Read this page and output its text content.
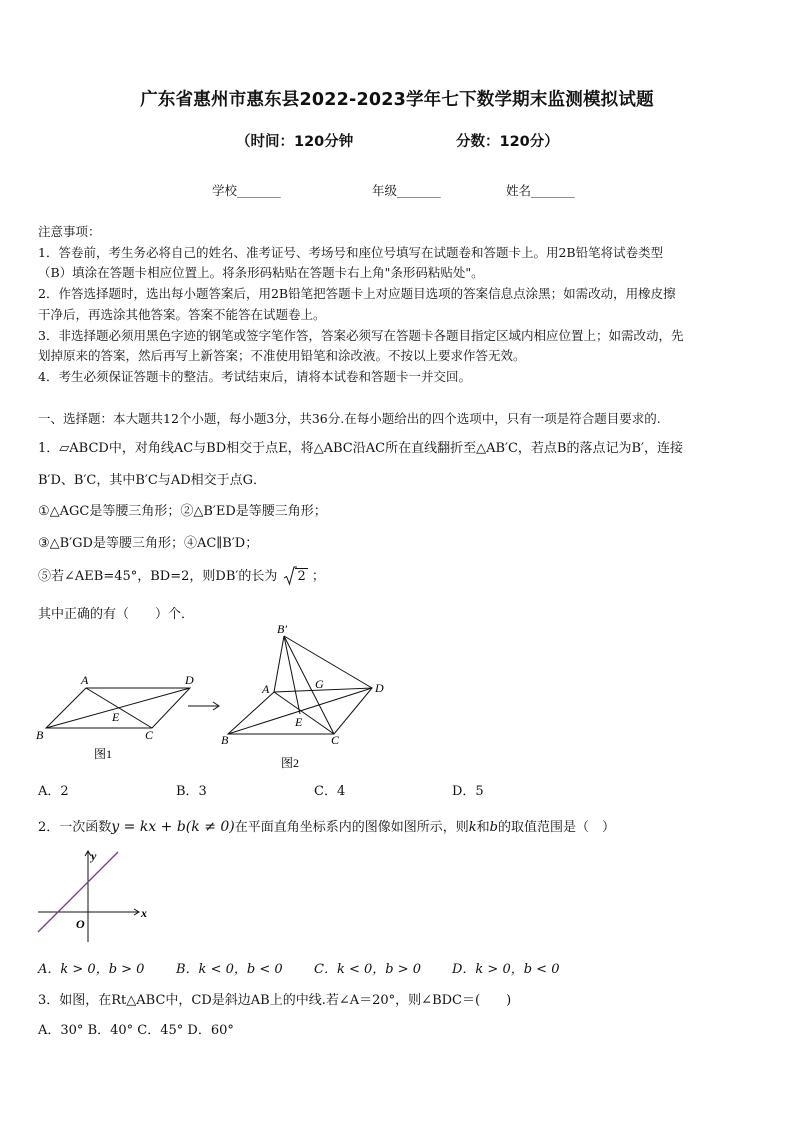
广东省惠州市惠东县2022-2023学年七下数学期末监测模拟试题
（时间：120分钟	分数：120分）
学校_______	年级_______	姓名_______
注意事项：
1．答卷前，考生务必将自己的姓名、准考证号、考场号和座位号填写在试题卷和答题卡上。用2B铅笔将试卷类型
（B）填涂在答题卡相应位置上。将条形码粘贴在答题卡右上角"条形码粘贴处"。
2．作答选择题时，选出每小题答案后，用2B铅笔把答题卡上对应题目选项的答案信息点涂黑；如需改动，用橡皮擦
干净后，再选涂其他答案。答案不能答在试题卷上。
3．非选择题必须用黑色字迹的钢笔或签字笔作答，答案必须写在答题卡各题目指定区域内相应位置上；如需改动，先
划掉原来的答案，然后再写上新答案；不准使用铅笔和涂改液。不按以上要求作答无效。
4．考生必须保证答题卡的整洁。考试结束后，请将本试卷和答题卡一并交回。
一、选择题：本大题共12个小题，每小题3分，共36分.在每小题给出的四个选项中，只有一项是符合题目要求的.
1．▱ABCD中，对角线AC与BD相交于点E，将△ABC沿AC所在直线翻折至△AB′C，若点B的落点记为B′，连接
B′D、B′C，其中B′C与AD相交于点G．
①△AGC是等腰三角形；②△B′ED是等腰三角形；
③△B′GD是等腰三角形；④AC∥B′D；
⑤若∠AEB=45°，BD=2，则DB′的长为 2 ；
其中正确的有（　　）个．
A	D
B	C
E
图1
B′
A	G	D
E
B	C
图2
A．2	B．3	C．4	D．5
2．一次函数y = kx + b(k ≠ 0)在平面直角坐标系内的图像如图所示，则k和b的取值范围是（　）
x
y
O
A．k > 0，b > 0 B．k < 0，b < 0 C．k < 0，b > 0 D．k > 0，b < 0
3．如图，在Rt△ABC中，CD是斜边AB上的中线.若∠A＝20°，则∠BDC＝(　　)
A．30° B．40° C．45° D．60°
